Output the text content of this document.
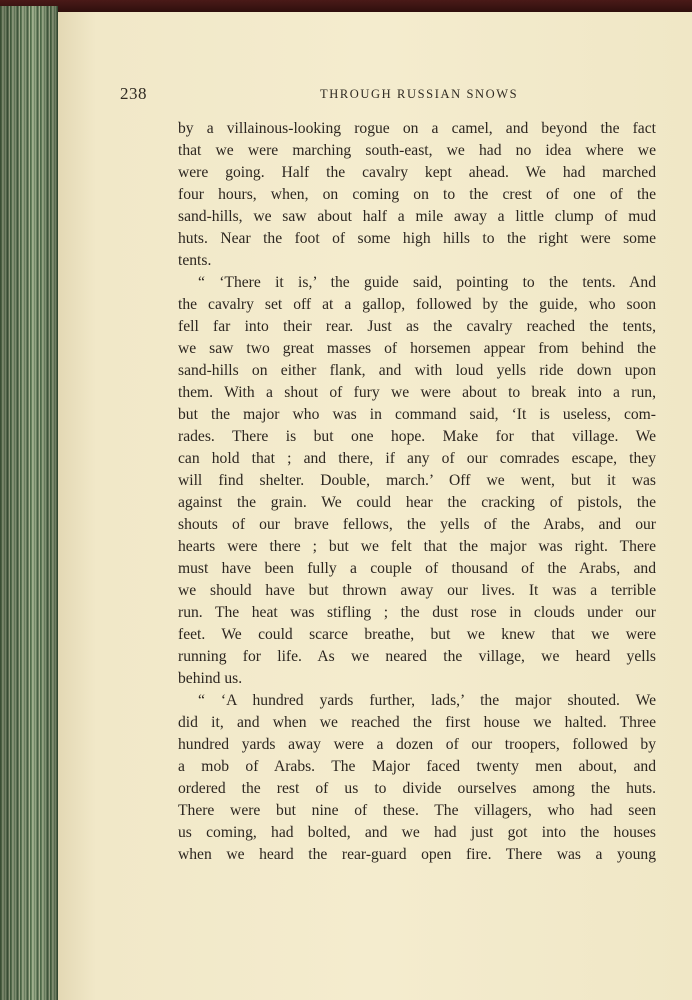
238	THROUGH RUSSIAN SNOWS
by a villainous-looking rogue on a camel, and beyond the fact
that we were marching south-east, we had no idea where we
were going. Half the cavalry kept ahead. We had marched
four hours, when, on coming on to the crest of one of the
sand-hills, we saw about half a mile away a little clump of mud
huts. Near the foot of some high hills to the right were some
tents.
“ ‘There it is,’ the guide said, pointing to the tents. And
the cavalry set off at a gallop, followed by the guide, who soon
fell far into their rear. Just as the cavalry reached the tents,
we saw two great masses of horsemen appear from behind the
sand-hills on either flank, and with loud yells ride down upon
them. With a shout of fury we were about to break into a run,
but the major who was in command said, ‘It is useless, com-
rades. There is but one hope. Make for that village. We
can hold that ; and there, if any of our comrades escape, they
will find shelter. Double, march.’ Off we went, but it was
against the grain. We could hear the cracking of pistols, the
shouts of our brave fellows, the yells of the Arabs, and our
hearts were there ; but we felt that the major was right. There
must have been fully a couple of thousand of the Arabs, and
we should have but thrown away our lives. It was a terrible
run. The heat was stifling ; the dust rose in clouds under our
feet. We could scarce breathe, but we knew that we were
running for life. As we neared the village, we heard yells
behind us.
“ ‘A hundred yards further, lads,’ the major shouted. We
did it, and when we reached the first house we halted. Three
hundred yards away were a dozen of our troopers, followed by
a mob of Arabs. The Major faced twenty men about, and
ordered the rest of us to divide ourselves among the huts.
There were but nine of these. The villagers, who had seen
us coming, had bolted, and we had just got into the houses
when we heard the rear-guard open fire. There was a young
